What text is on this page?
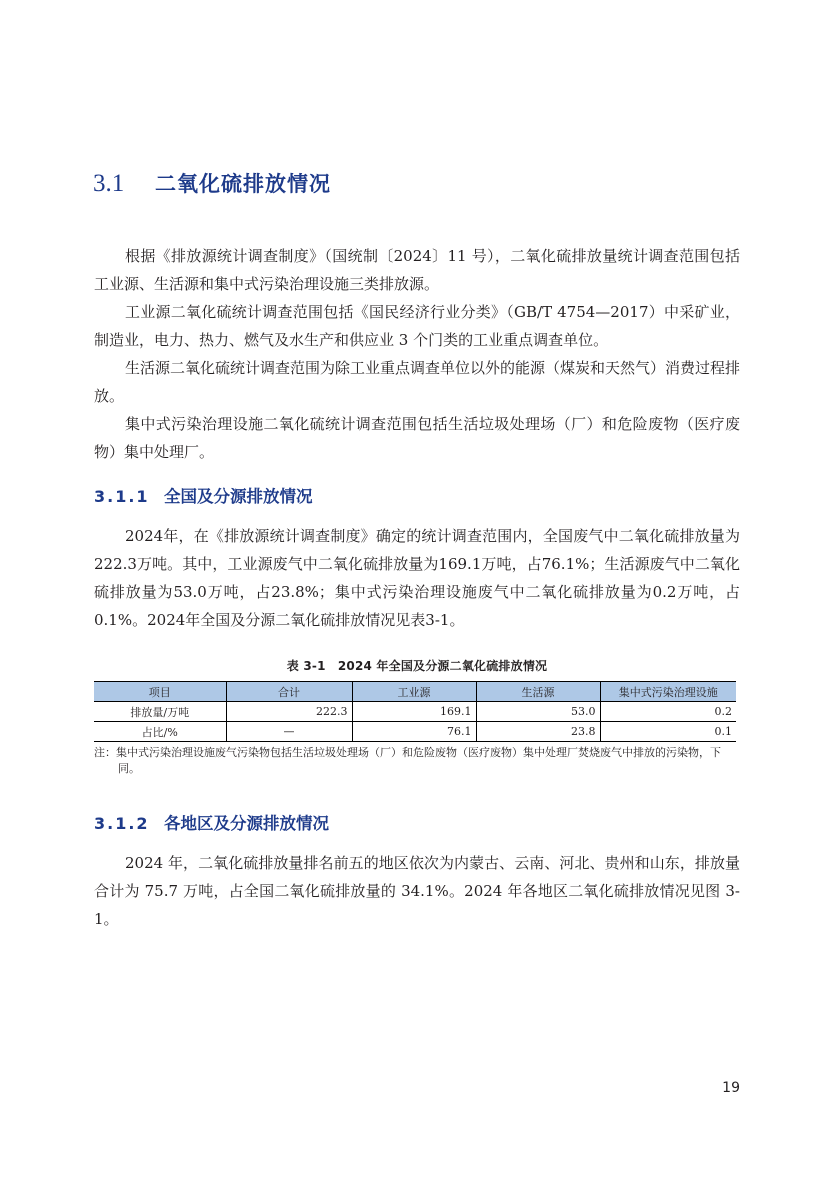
3.1	二氧化硫排放情况

根据《排放源统计调查制度》（国统制〔2024〕11 号），二氧化硫排放量统计调查范围包括工业源、生活源和集中式污染治理设施三类排放源。

工业源二氧化硫统计调查范围包括《国民经济行业分类》（GB/T 4754—2017）中采矿业，制造业，电力、热力、燃气及水生产和供应业 3 个门类的工业重点调查单位。

生活源二氧化硫统计调查范围为除工业重点调查单位以外的能源（煤炭和天然气）消费过程排放。

集中式污染治理设施二氧化硫统计调查范围包括生活垃圾处理场（厂）和危险废物（医疗废物）集中处理厂。

3.1.1 全国及分源排放情况

2024年，在《排放源统计调查制度》确定的统计调查范围内，全国废气中二氧化硫排放量为222.3万吨。其中，工业源废气中二氧化硫排放量为169.1万吨，占76.1%；生活源废气中二氧化硫排放量为53.0万吨，占23.8%；集中式污染治理设施废气中二氧化硫排放量为0.2万吨，占0.1%。2024年全国及分源二氧化硫排放情况见表3-1。

表 3-1　2024 年全国及分源二氧化硫排放情况
项目	合计	工业源	生活源	集中式污染治理设施
排放量/万吨	222.3	169.1	53.0	0.2
占比/%	—	76.1	23.8	0.1

注：集中式污染治理设施废气污染物包括生活垃圾处理场（厂）和危险废物（医疗废物）集中处理厂焚烧废气中排放的污染物，下同。

3.1.2 各地区及分源排放情况

2024 年，二氧化硫排放量排名前五的地区依次为内蒙古、云南、河北、贵州和山东，排放量合计为 75.7 万吨，占全国二氧化硫排放量的 34.1%。2024 年各地区二氧化硫排放情况见图 3-1。

19
